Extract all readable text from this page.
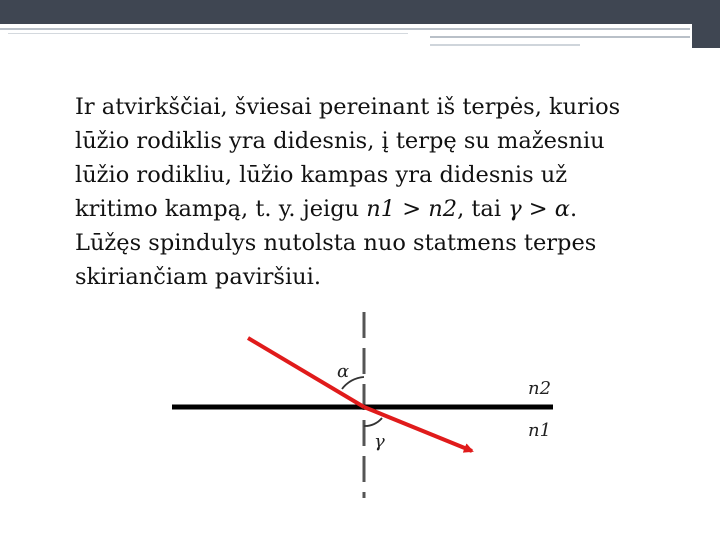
Ir atvirkščiai, šviesai pereinant iš terpės, kurios
lūžio rodiklis yra didesnis, į terpę su mažesniu
lūžio rodikliu, lūžio kampas yra didesnis už
kritimo kampą, t. y. jeigu n1 > n2, tai γ > α.
Lūžęs spindulys nutolsta nuo statmens terpes
skiriančiam paviršiui.

α
γ
n2
n1
